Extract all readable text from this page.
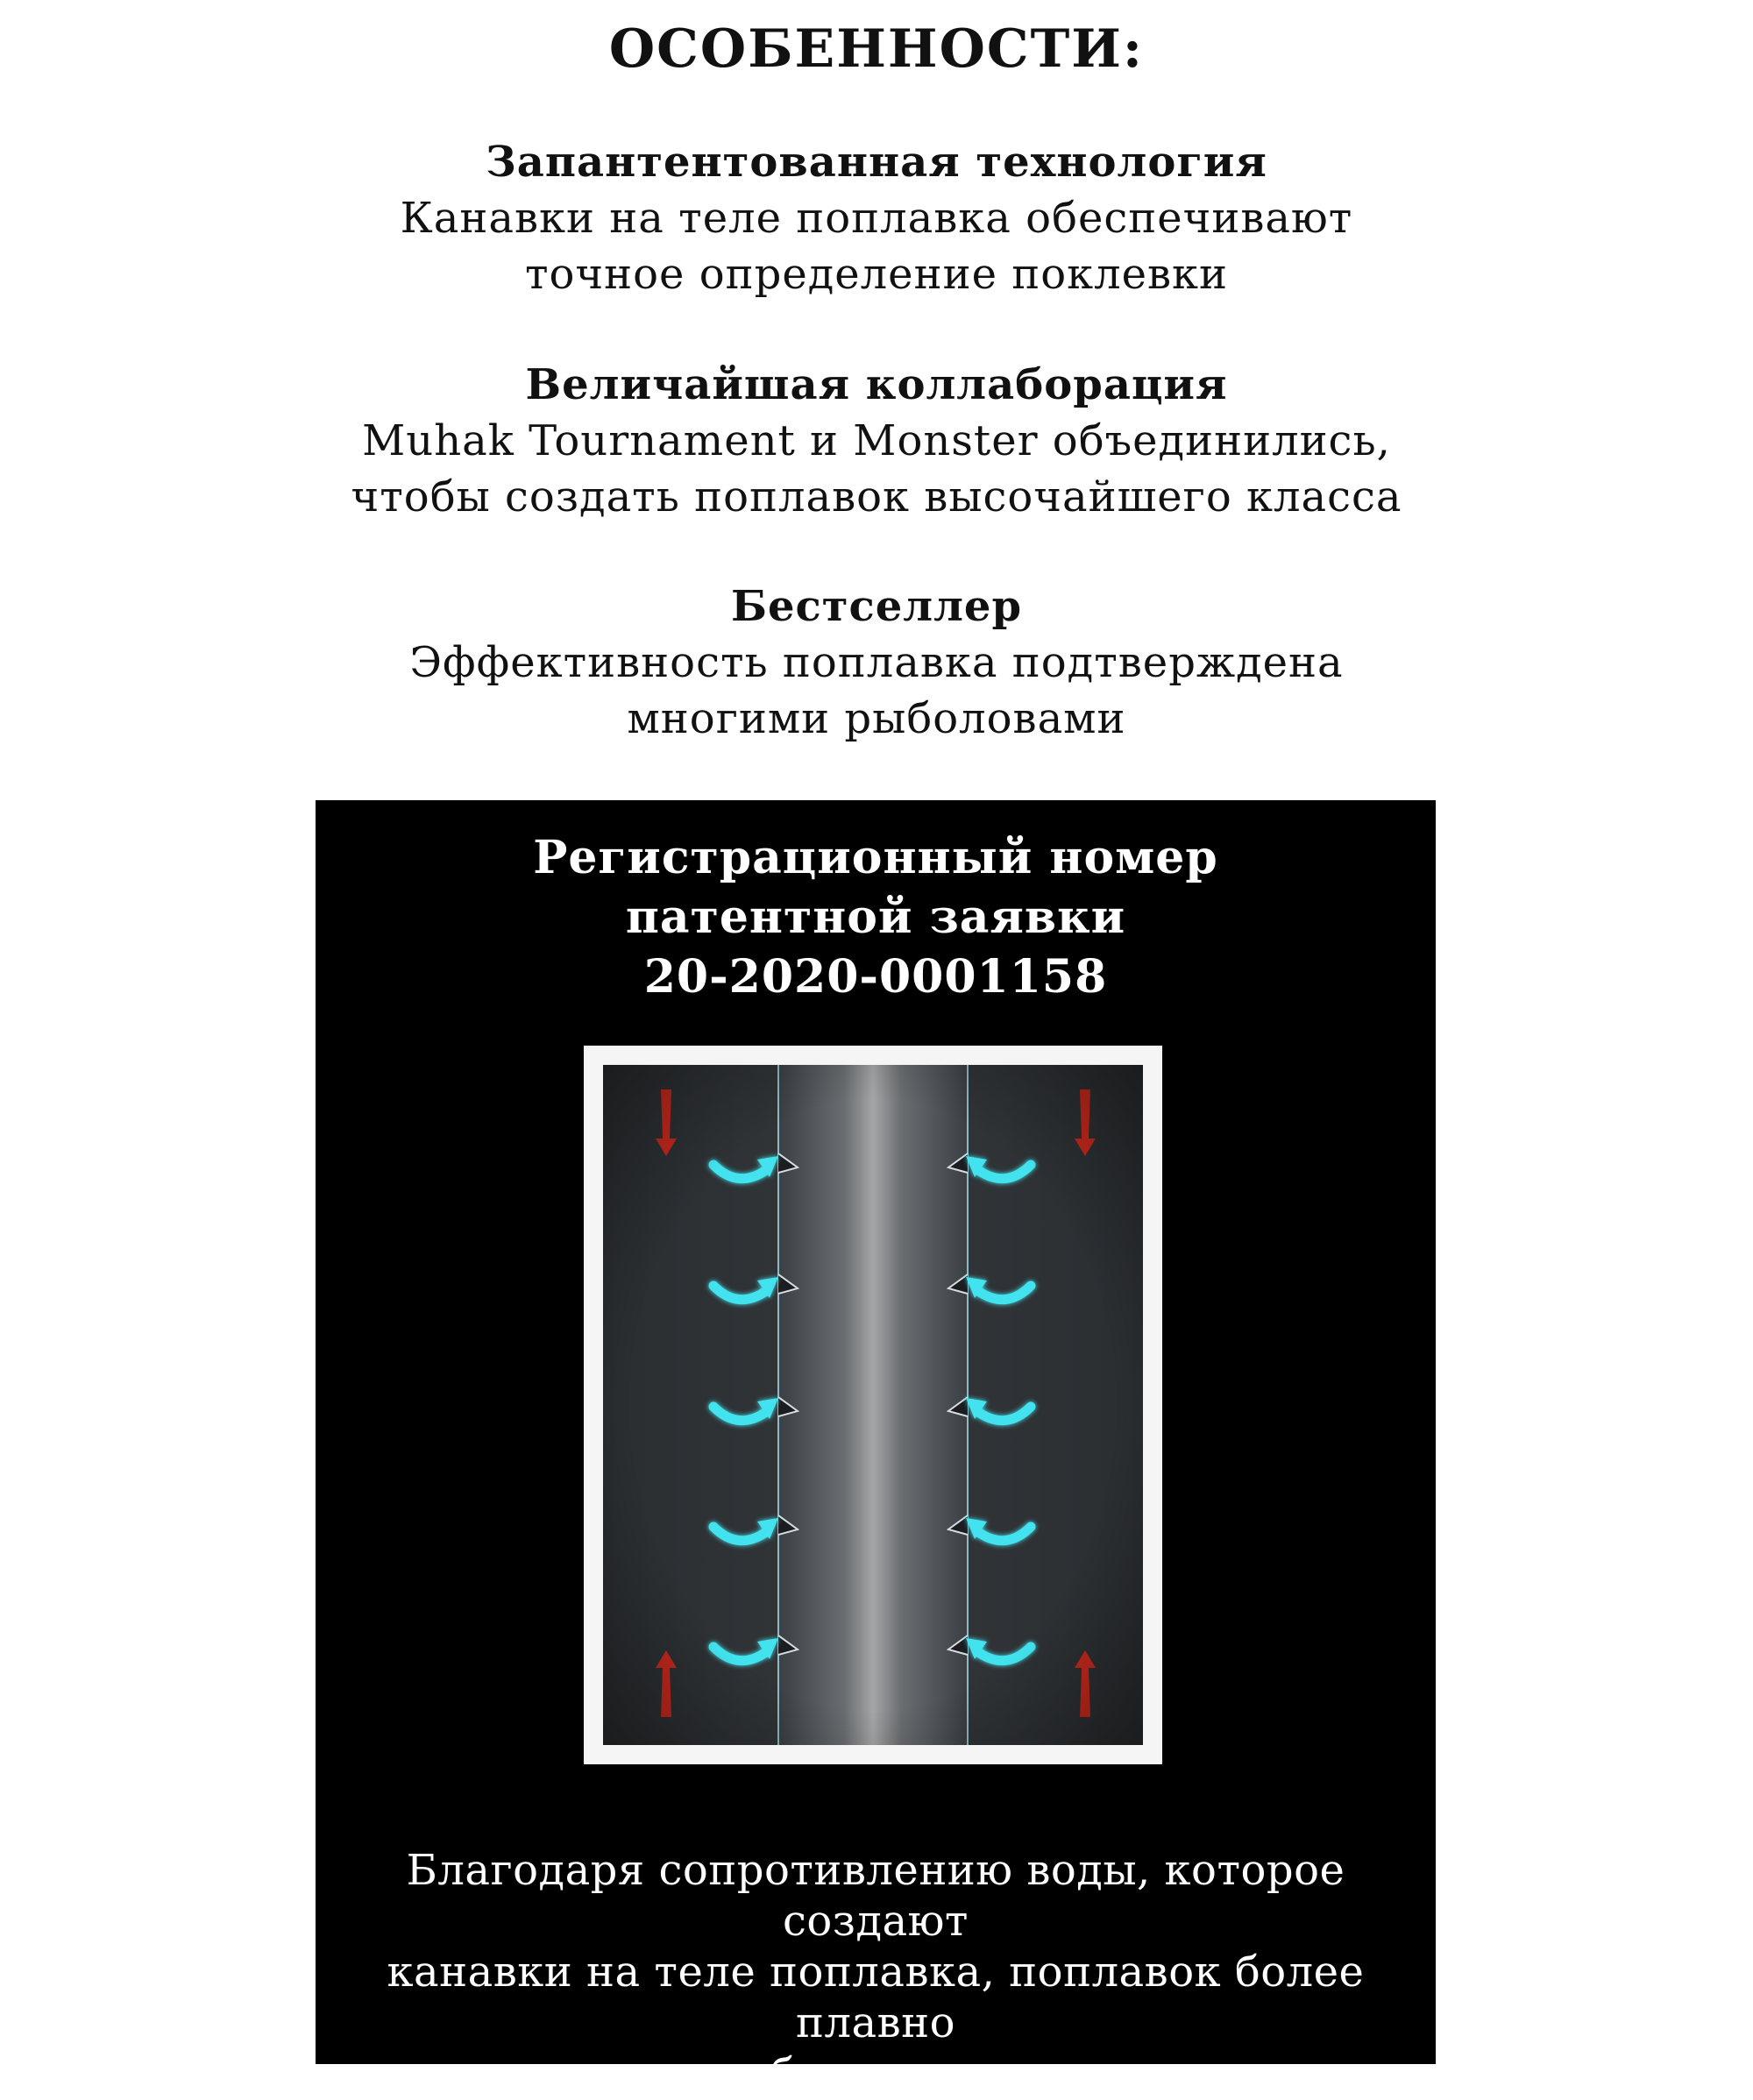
ОСОБЕННОСТИ:
Запантентованная технология
Канавки на теле поплавка обеспечивают
точное определение поклевки
Величайшая коллаборация
Muhak Tournament и Monster объединились,
чтобы создать поплавок высочайшего класса
Бестселлер
Эффективность поплавка подтверждена
многими рыболовами
Регистрационный номер
патентной заявки
20-2020-0001158
Благодаря сопротивлению воды, которое создают
канавки на теле поплавка, поплавок более плавно
ведет себя при поклевках
